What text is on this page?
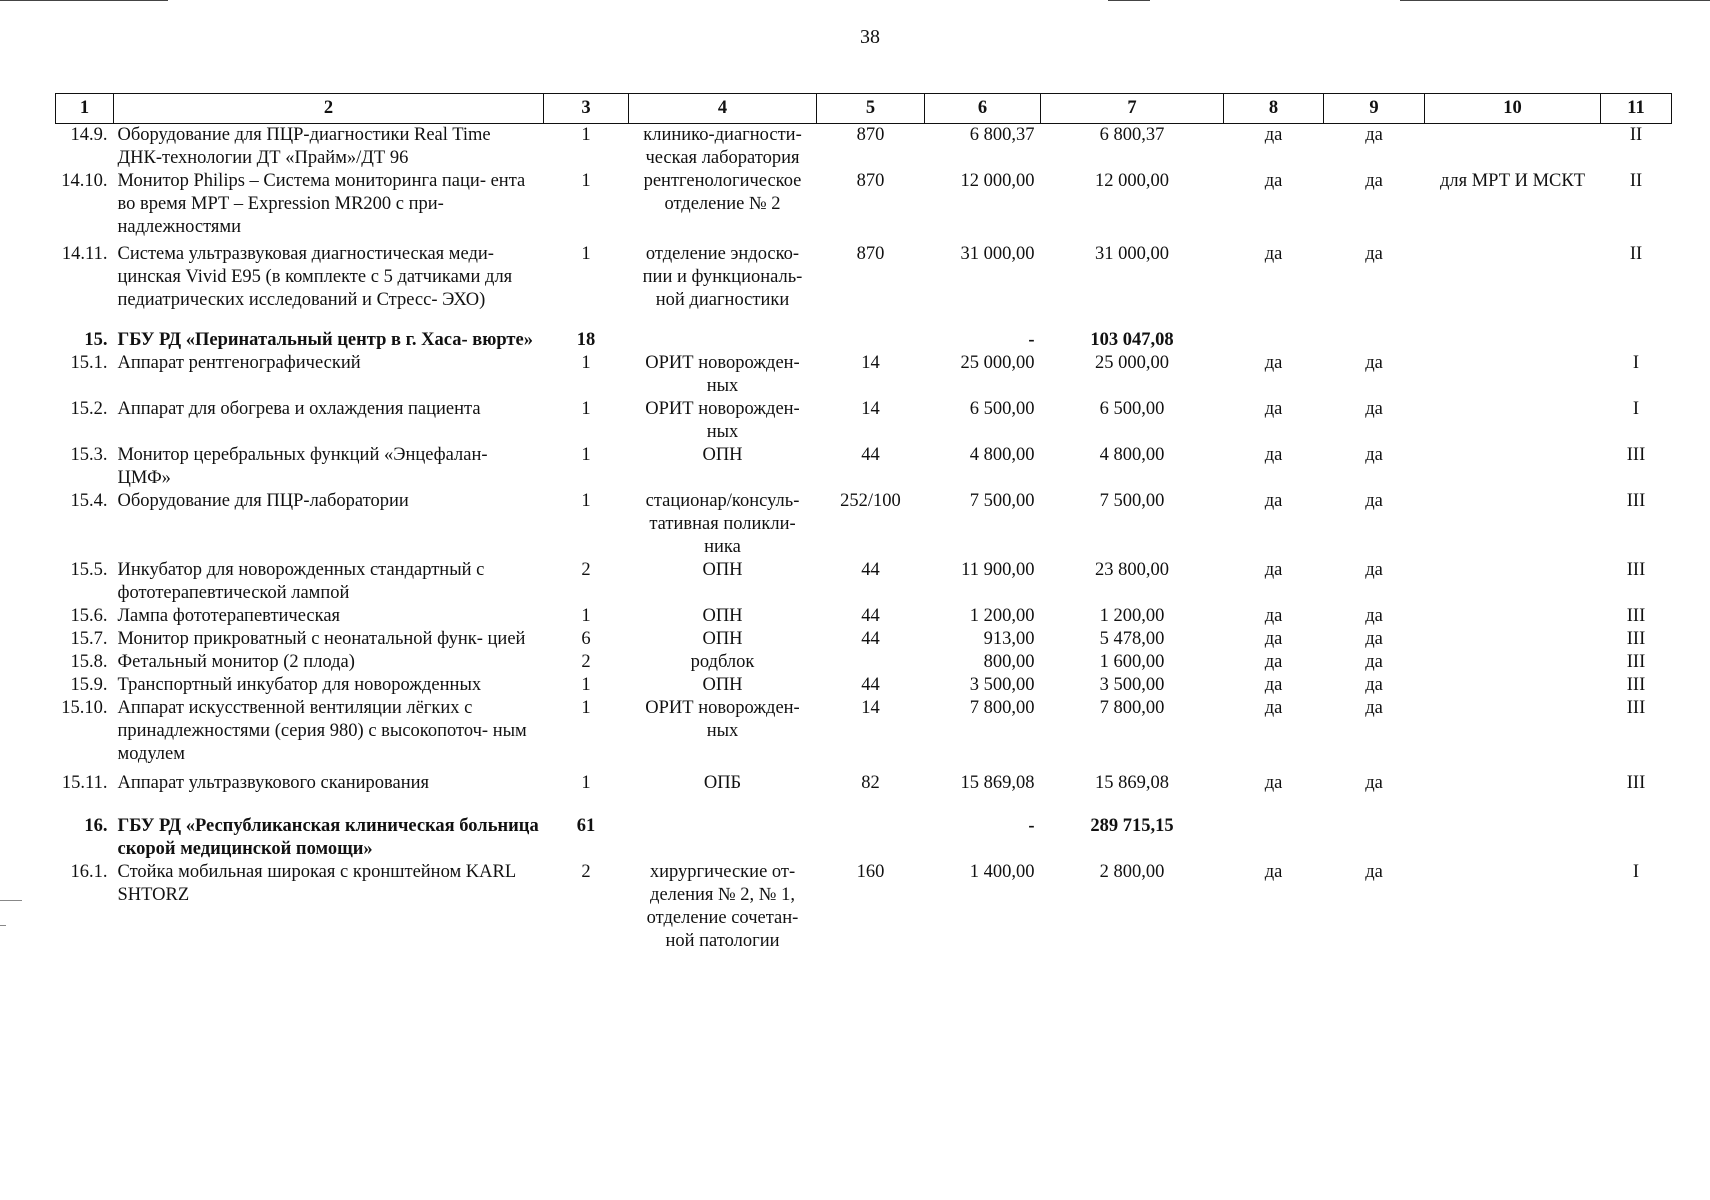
38
1	2	3	4	5	6	7	8	9	10	11
14.9.	Оборудование для ПЦР-диагностики Real Time ДНК-технологии ДТ «Прайм»/ДТ 96	1	клинико-диагности- ческая лаборатория	870	6 800,37	6 800,37	да	да		II
14.10.	Монитор Philips – Система мониторинга паци- ента во время МРТ – Expression MR200 с при- надлежностями	1	рентгенологическое отделение № 2	870	12 000,00	12 000,00	да	да	для МРТ И МСКТ	II
14.11.	Система ультразвуковая диагностическая меди- цинская Vivid E95 (в комплекте с 5 датчиками для педиатрических исследований и Стресс- ЭХО)	1	отделение эндоско- пии и функциональ- ной диагностики	870	31 000,00	31 000,00	да	да		II
15.	ГБУ РД «Перинатальный центр в г. Хаса- вюрте»	18			-	103 047,08				
15.1.	Аппарат рентгенографический	1	ОРИТ новорожден- ных	14	25 000,00	25 000,00	да	да		I
15.2.	Аппарат для обогрева и охлаждения пациента	1	ОРИТ новорожден- ных	14	6 500,00	6 500,00	да	да		I
15.3.	Монитор церебральных функций «Энцефалан- ЦМФ»	1	ОПН	44	4 800,00	4 800,00	да	да		III
15.4.	Оборудование для ПЦР-лаборатории	1	стационар/консуль- тативная поликли- ника	252/100	7 500,00	7 500,00	да	да		III
15.5.	Инкубатор для новорожденных стандартный с фототерапевтической лампой	2	ОПН	44	11 900,00	23 800,00	да	да		III
15.6.	Лампа фототерапевтическая	1	ОПН	44	1 200,00	1 200,00	да	да		III
15.7.	Монитор прикроватный с неонатальной функ- цией	6	ОПН	44	913,00	5 478,00	да	да		III
15.8.	Фетальный монитор (2 плода)	2	родблок		800,00	1 600,00	да	да		III
15.9.	Транспортный инкубатор для новорожденных	1	ОПН	44	3 500,00	3 500,00	да	да		III
15.10.	Аппарат искусственной вентиляции лёгких с принадлежностями (серия 980) с высокопоточ- ным модулем	1	ОРИТ новорожден- ных	14	7 800,00	7 800,00	да	да		III
15.11.	Аппарат ультразвукового сканирования	1	ОПБ	82	15 869,08	15 869,08	да	да		III
16.	ГБУ РД «Республиканская клиническая больница скорой медицинской помощи»	61			-	289 715,15				
16.1.	Стойка мобильная широкая с кронштейном KARL SHTORZ	2	хирургические от- деления № 2, № 1, отделение сочетан- ной патологии	160	1 400,00	2 800,00	да	да		I
